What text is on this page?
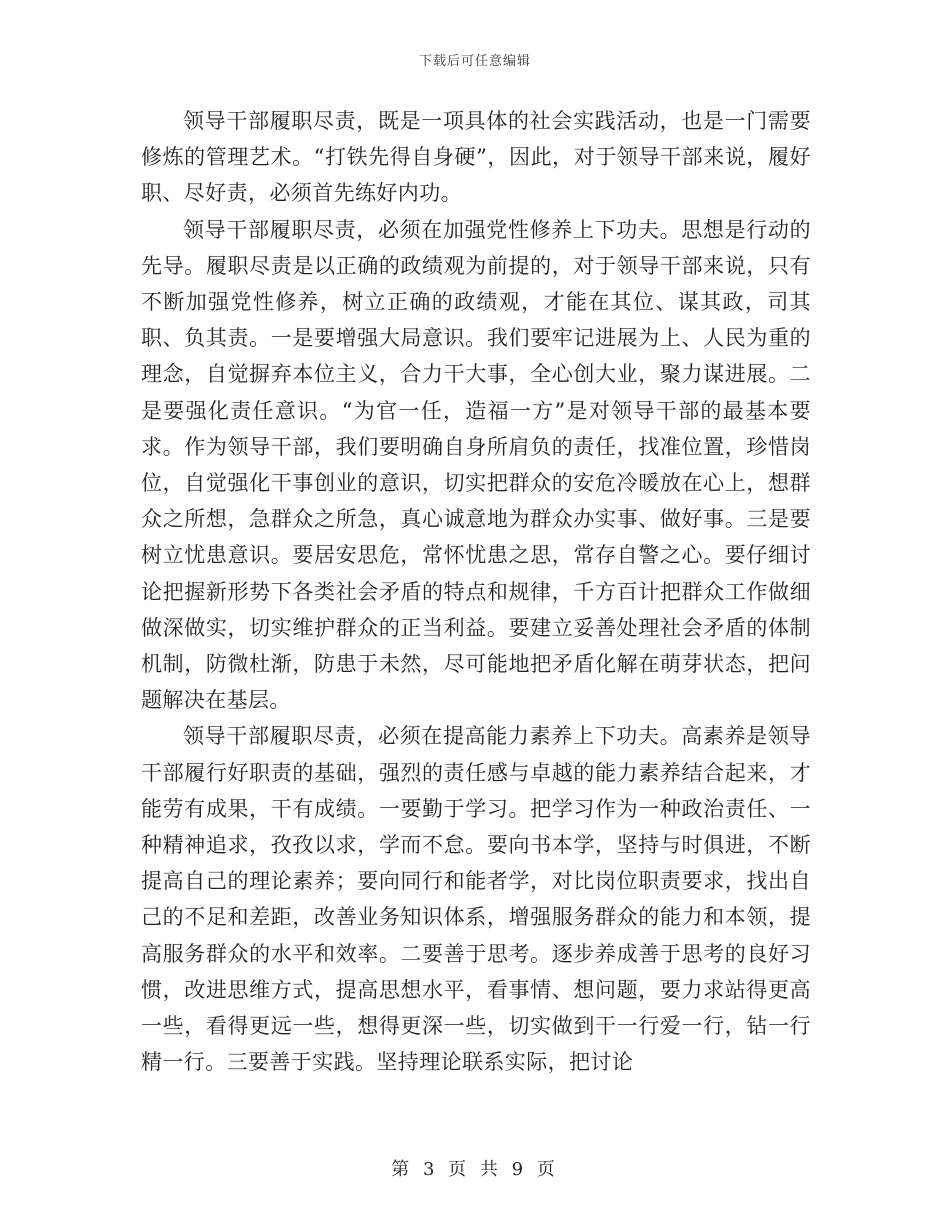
下载后可任意编辑

领导干部履职尽责，既是一项具体的社会实践活动，也是一门需要修炼的管理艺术。“打铁先得自身硬”，因此，对于领导干部来说，履好职、尽好责，必须首先练好内功。

领导干部履职尽责，必须在加强党性修养上下功夫。思想是行动的先导。履职尽责是以正确的政绩观为前提的，对于领导干部来说，只有不断加强党性修养，树立正确的政绩观，才能在其位、谋其政，司其职、负其责。一是要增强大局意识。我们要牢记进展为上、人民为重的理念，自觉摒弃本位主义，合力干大事，全心创大业，聚力谋进展。二是要强化责任意识。“为官一任，造福一方”是对领导干部的最基本要求。作为领导干部，我们要明确自身所肩负的责任，找准位置，珍惜岗位，自觉强化干事创业的意识，切实把群众的安危冷暖放在心上，想群众之所想，急群众之所急，真心诚意地为群众办实事、做好事。三是要树立忧患意识。要居安思危，常怀忧患之思，常存自警之心。要仔细讨论把握新形势下各类社会矛盾的特点和规律，千方百计把群众工作做细做深做实，切实维护群众的正当利益。要建立妥善处理社会矛盾的体制机制，防微杜渐，防患于未然，尽可能地把矛盾化解在萌芽状态，把问题解决在基层。

领导干部履职尽责，必须在提高能力素养上下功夫。高素养是领导干部履行好职责的基础，强烈的责任感与卓越的能力素养结合起来，才能劳有成果，干有成绩。一要勤于学习。把学习作为一种政治责任、一种精神追求，孜孜以求，学而不怠。要向书本学，坚持与时俱进，不断提高自己的理论素养；要向同行和能者学，对比岗位职责要求，找出自己的不足和差距，改善业务知识体系，增强服务群众的能力和本领，提高服务群众的水平和效率。二要善于思考。逐步养成善于思考的良好习惯，改进思维方式，提高思想水平，看事情、想问题，要力求站得更高一些，看得更远一些，想得更深一些，切实做到干一行爱一行，钻一行精一行。三要善于实践。坚持理论联系实际，把讨论

第 3 页 共 9 页
